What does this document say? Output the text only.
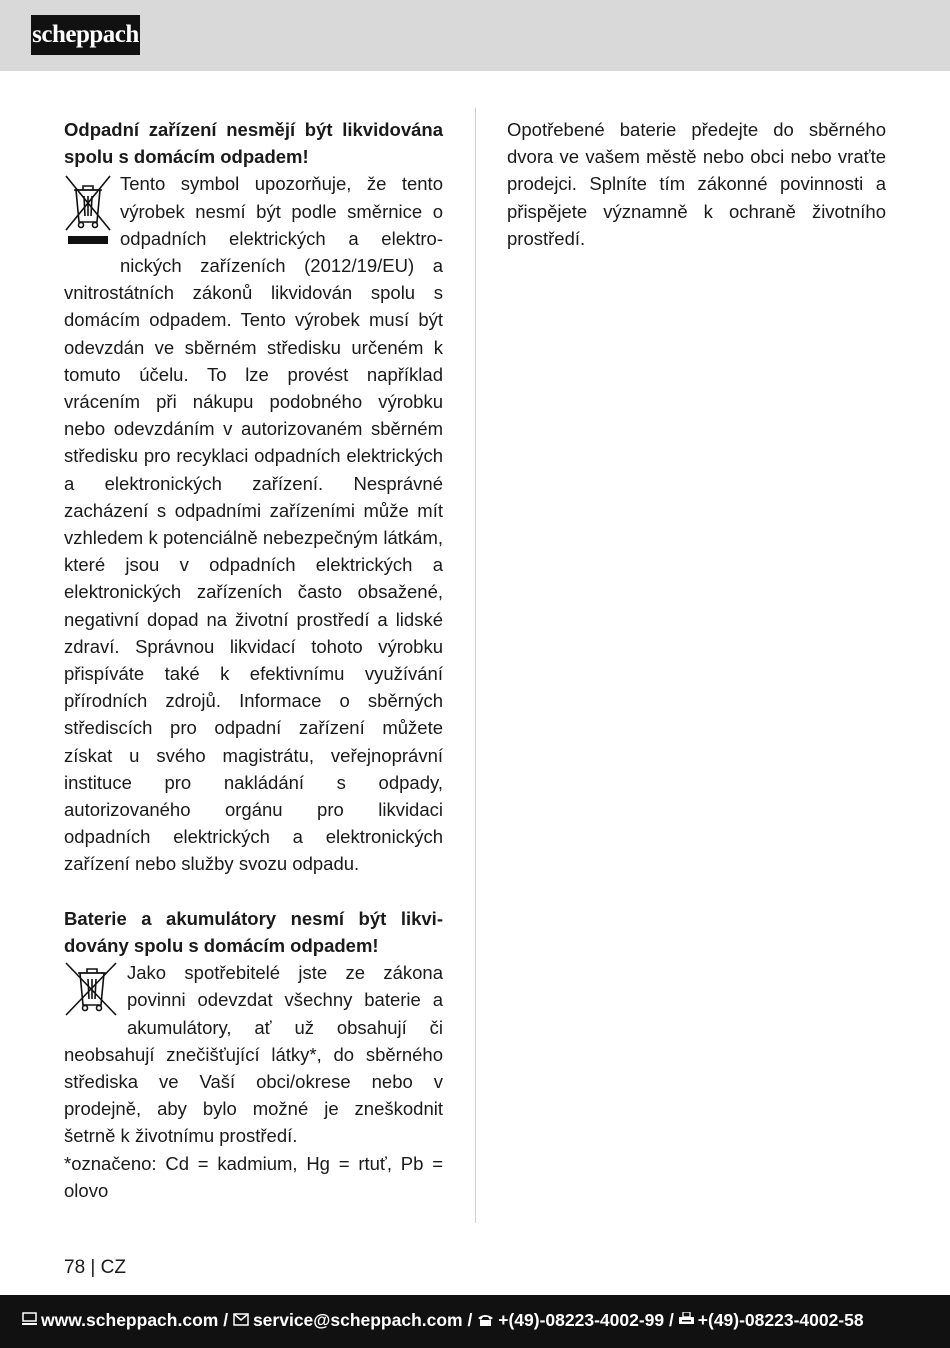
scheppach

Odpadní zařízení nesmějí být likvidována spolu s domácím odpadem!

Tento symbol upozorňuje, že tento výrobek nesmí být podle směrnice o odpadních elektrických a elektronických zařízeních (2012/19/EU) a vnitrostátních zákonů likvidován spolu s domácím odpadem. Tento výrobek musí být odevzdán ve sběrném středisku určeném k tomuto účelu. To lze provést například vrácením při nákupu podobného výrobku nebo odevzdáním v autorizovaném sběrném středisku pro recyklaci odpadních elektrických a elektronických zařízení. Nesprávné zacházení s odpadními zařízeními může mít vzhledem k potenciálně nebezpečným látkám, které jsou v odpadních elektrických a elektronických zařízeních často obsažené, negativní dopad na životní prostředí a lidské zdraví. Správnou likvidací tohoto výrobku přispíváte také k efektivnímu využívání přírodních zdrojů. Informace o sběrných střediscích pro odpadní zařízení můžete získat u svého magistrátu, veřejnoprávní instituce pro nakládání s odpady, autorizovaného orgánu pro likvidaci odpadních elektrických a elektronických zařízení nebo služby svozu odpadu.

Baterie a akumulátory nesmí být likvidovány spolu s domácím odpadem!

Jako spotřebitelé jste ze zákona povinni odevzdat všechny baterie a akumulátory, ať už obsahují či neobsahují znečišťující látky*, do sběrného střediska ve Vaší obci/okrese nebo v prodejně, aby bylo možné je zneškodnit šetrně k životnímu prostředí.

*označeno: Cd = kadmium, Hg = rtuť, Pb = olovo

Opotřebené baterie předejte do sběrného dvora ve vašem městě nebo obci nebo vraťte prodejci. Splníte tím zákonné povinnosti a přispějete významně k ochraně životního prostředí.

78 | CZ
www.scheppach.com / service@scheppach.com / +(49)-08223-4002-99 / +(49)-08223-4002-58
